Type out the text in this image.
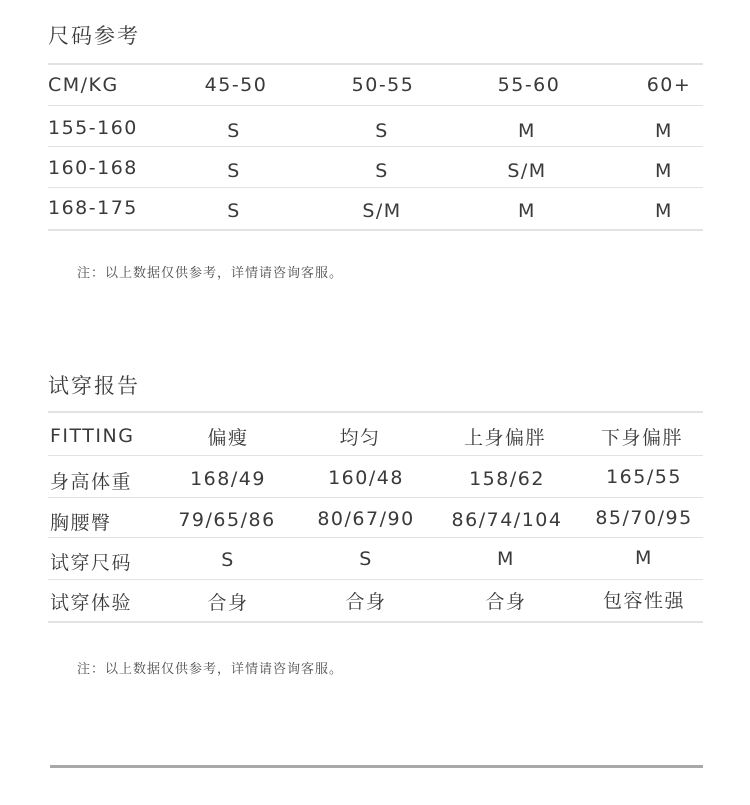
尺码参考
CM/KG	45-50	50-55	55-60	60+
155-160	S	S	M	M
160-168	S	S	S/M	M
168-175	S	S/M	M	M
注：以上数据仅供参考，详情请咨询客服。
试穿报告
FITTING	偏瘦	均匀	上身偏胖	下身偏胖
身高体重	168/49	160/48	158/62	165/55
胸腰臀	79/65/86 80/67/90 86/74/104 85/70/95
试穿尺码	S	S	M	M
试穿体验	合身	合身	合身	包容性强
注：以上数据仅供参考，详情请咨询客服。
